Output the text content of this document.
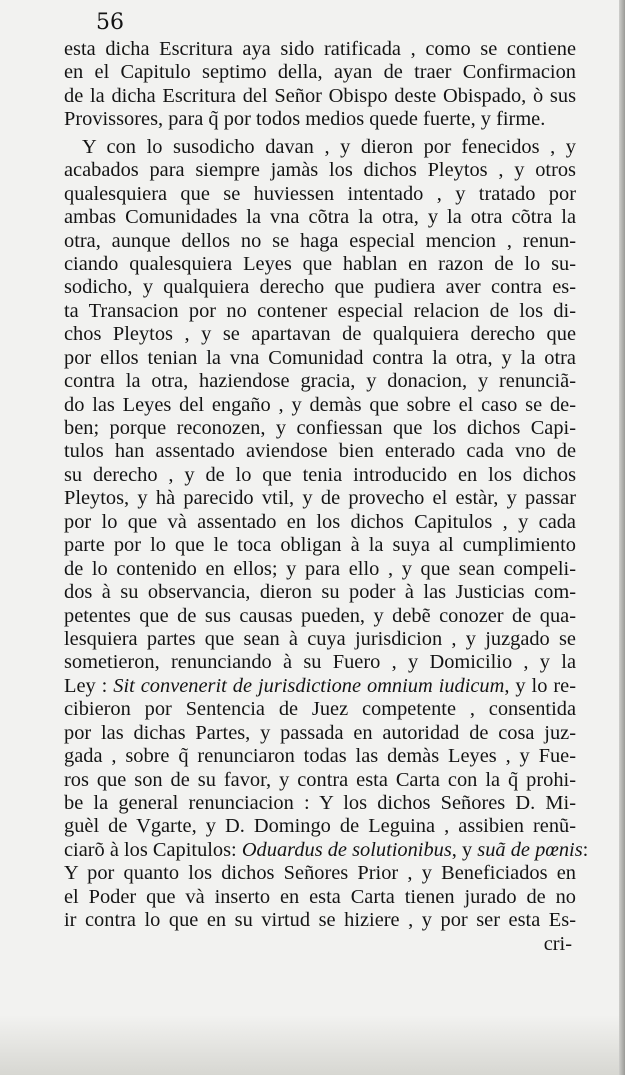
56
esta dicha Escritura aya sido ratificada , como se contiene
en el Capitulo septimo della, ayan de traer Confirmacion
de la dicha Escritura del Señor Obispo deste Obispado, ò sus
Provissores, para q̃ por todos medios quede fuerte, y firme.
Y con lo susodicho davan , y dieron por fenecidos , y
acabados para siempre jamàs los dichos Pleytos , y otros
qualesquiera que se huviessen intentado , y tratado por
ambas Comunidades la vna cõtra la otra, y la otra cõtra la
otra, aunque dellos no se haga especial mencion , renun-
ciando qualesquiera Leyes que hablan en razon de lo su-
sodicho, y qualquiera derecho que pudiera aver contra es-
ta Transacion por no contener especial relacion de los di-
chos Pleytos , y se apartavan de qualquiera derecho que
por ellos tenian la vna Comunidad contra la otra, y la otra
contra la otra, haziendose gracia, y donacion, y renunciã-
do las Leyes del engaño , y demàs que sobre el caso se de-
ben; porque reconozen, y confiessan que los dichos Capi-
tulos han assentado aviendose bien enterado cada vno de
su derecho , y de lo que tenia introducido en los dichos
Pleytos, y hà parecido vtil, y de provecho el estàr, y passar
por lo que và assentado en los dichos Capitulos , y cada
parte por lo que le toca obligan à la suya al cumplimiento
de lo contenido en ellos; y para ello , y que sean compeli-
dos à su observancia, dieron su poder à las Justicias com-
petentes que de sus causas pueden, y debẽ conozer de qua-
lesquiera partes que sean à cuya jurisdicion , y juzgado se
sometieron, renunciando à su Fuero , y Domicilio , y la
Ley : Sit convenerit de jurisdictione omnium iudicum, y lo re-
cibieron por Sentencia de Juez competente , consentida
por las dichas Partes, y passada en autoridad de cosa juz-
gada , sobre q̃ renunciaron todas las demàs Leyes , y Fue-
ros que son de su favor, y contra esta Carta con la q̃ prohi-
be la general renunciacion : Y los dichos Señores D. Mi-
guèl de Vgarte, y D. Domingo de Leguina , assibien renũ-
ciarõ à los Capitulos: Oduardus de solutionibus, y suã de pœnis:
Y por quanto los dichos Señores Prior , y Beneficiados en
el Poder que và inserto en esta Carta tienen jurado de no
ir contra lo que en su virtud se hiziere , y por ser esta Es-
cri-
